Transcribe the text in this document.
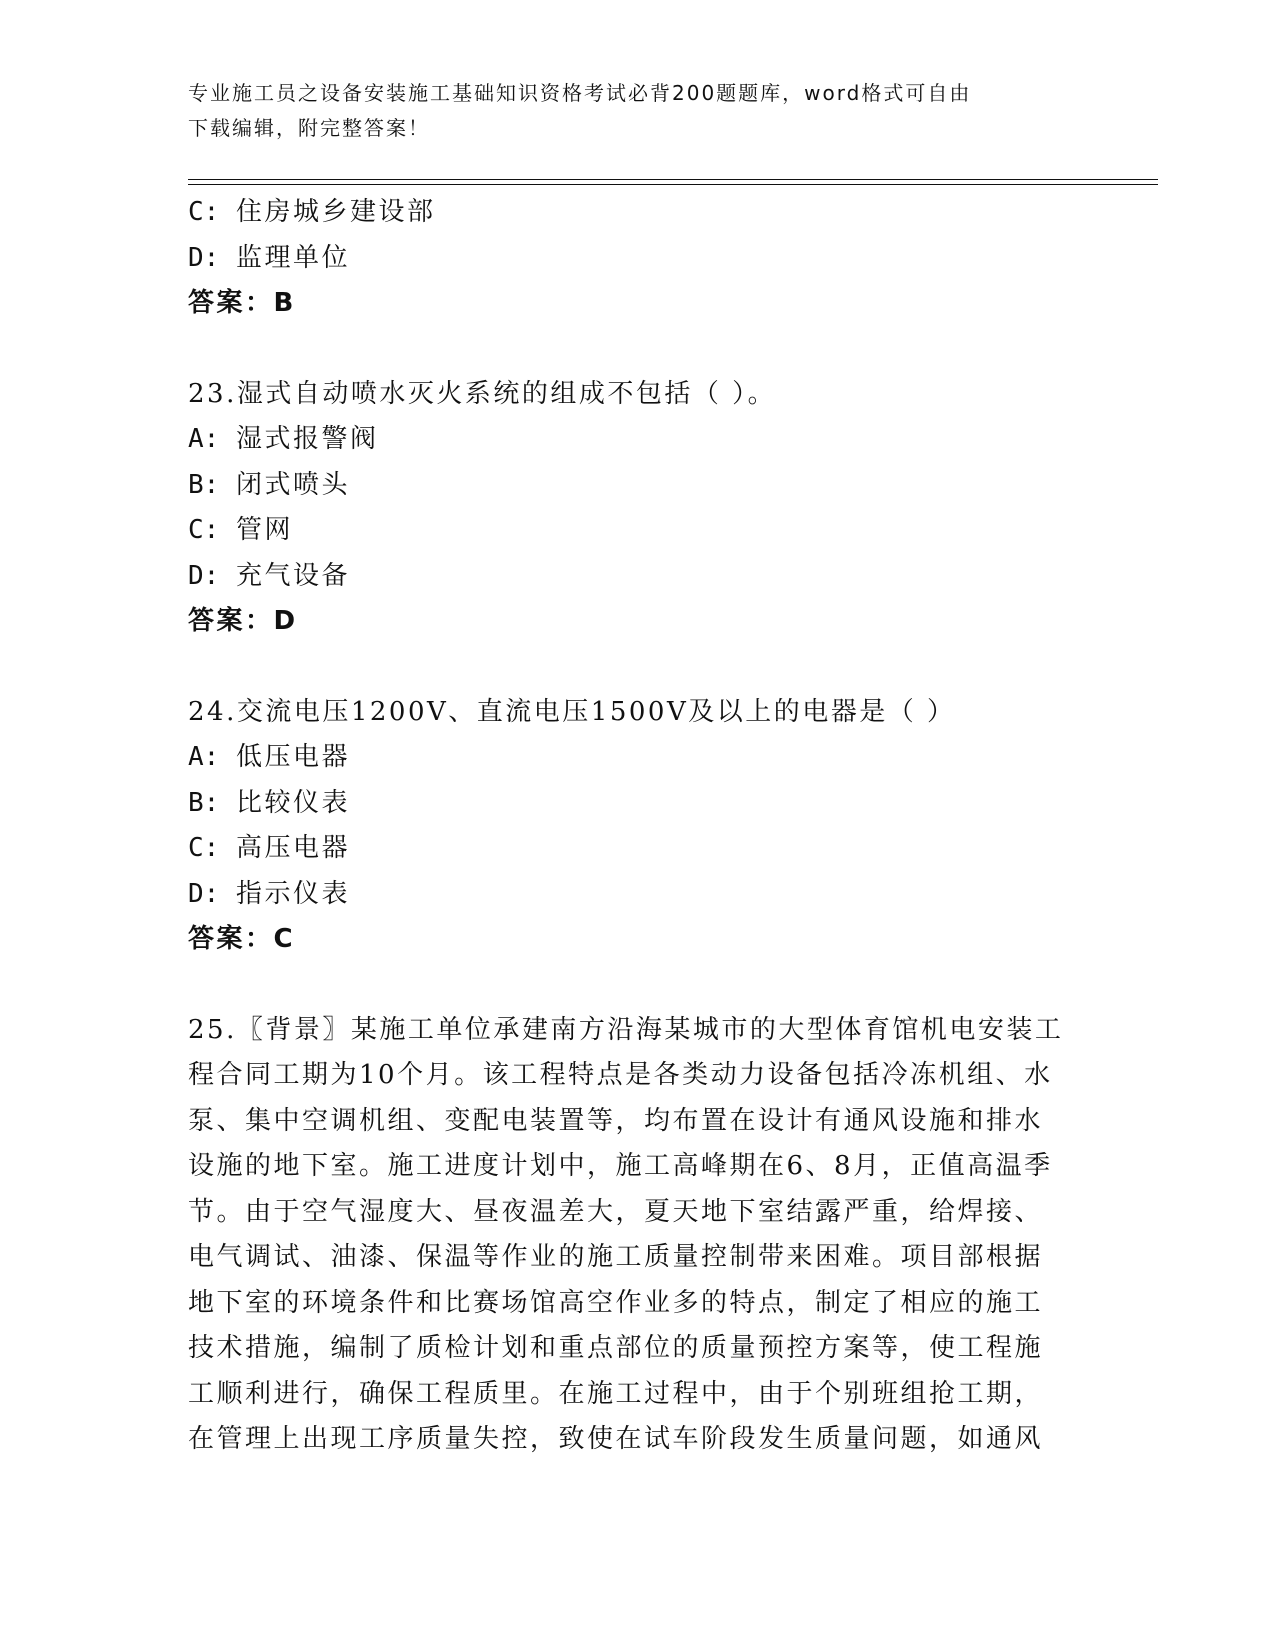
专业施工员之设备安装施工基础知识资格考试必背200题题库，word格式可自由
下载编辑，附完整答案！
C: 住房城乡建设部
D: 监理单位
答案：B
23.湿式自动喷水灭火系统的组成不包括（ ）。
A: 湿式报警阀
B: 闭式喷头
C: 管网
D: 充气设备
答案：D
24.交流电压1200V、直流电压1500V及以上的电器是（ ）
A: 低压电器
B: 比较仪表
C: 高压电器
D: 指示仪表
答案：C

25.〖背景〗某施工单位承建南方沿海某城市的大型体育馆机电安装工

程合同工期为10个月。该工程特点是各类动力设备包括冷冻机组、水

泵、集中空调机组、变配电装置等，均布置在设计有通风设施和排水

设施的地下室。施工进度计划中，施工高峰期在6、8月，正值高温季

节。由于空气湿度大、昼夜温差大，夏天地下室结露严重，给焊接、

电气调试、油漆、保温等作业的施工质量控制带来困难。项目部根据

地下室的环境条件和比赛场馆高空作业多的特点，制定了相应的施工

技术措施，编制了质检计划和重点部位的质量预控方案等，使工程施

工顺利进行，确保工程质里。在施工过程中，由于个别班组抢工期，

在管理上出现工序质量失控，致使在试车阶段发生质量问题，如通风
